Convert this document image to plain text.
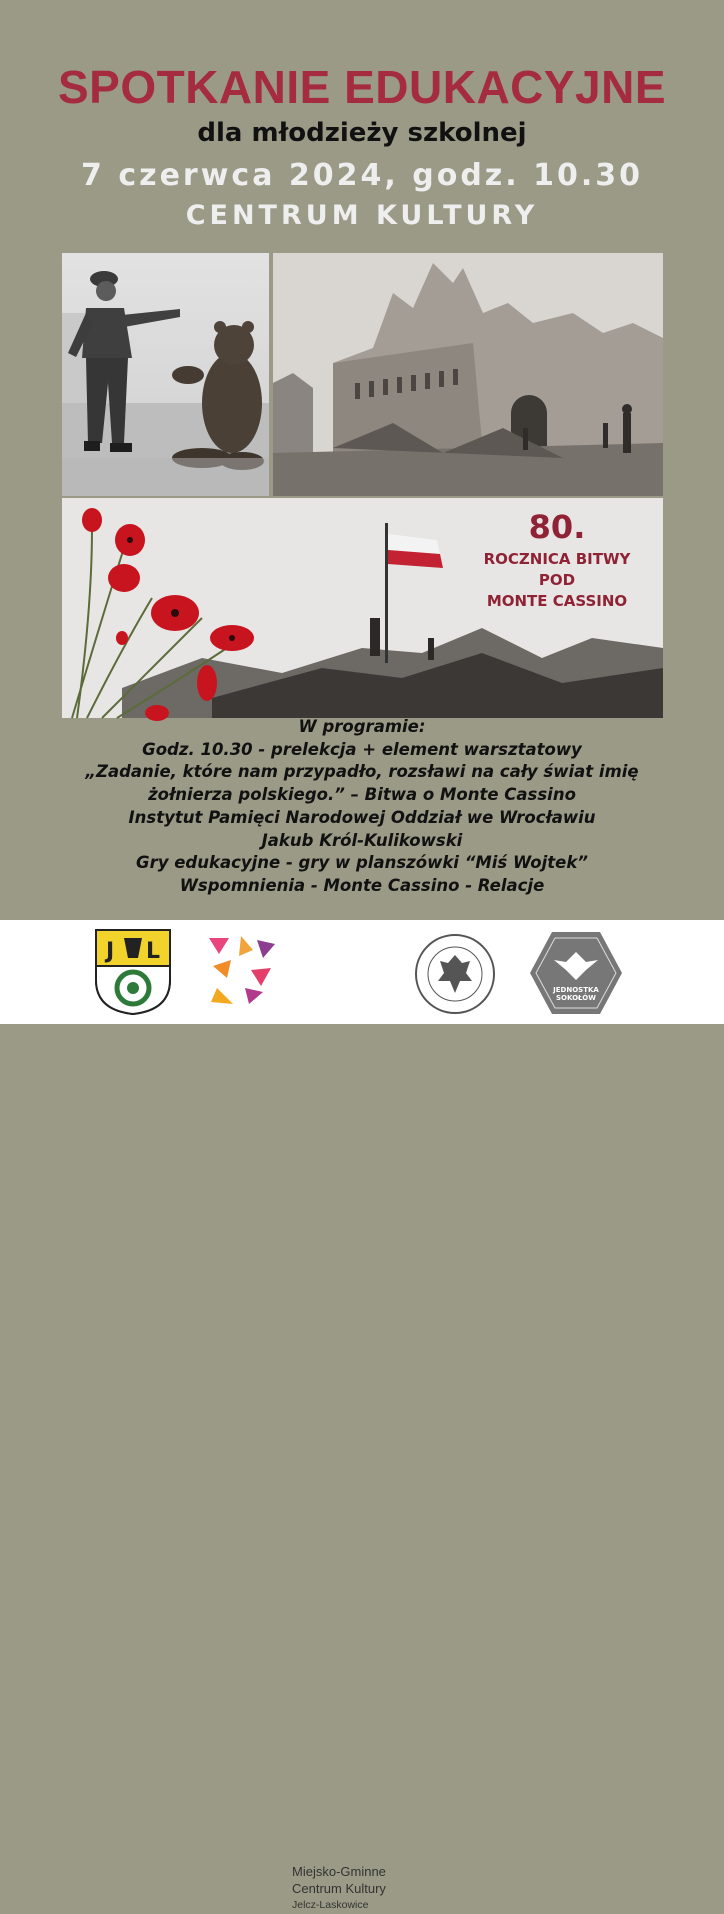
SPOTKANIE EDUKACYJNE
dla młodzieży szkolnej
7 czerwca 2024, godz. 10.30
CENTRUM KULTURY
80.
ROCZNICA BITWY
POD
MONTE CASSINO
W programie:
Godz. 10.30 - prelekcja + element warsztatowy
„Zadanie, które nam przypadło, rozsławi na cały świat imię
żołnierza polskiego.” – Bitwa o Monte Cassino
Instytut Pamięci Narodowej Oddział we Wrocławiu
Jakub Król-Kulikowski
Gry edukacyjne - gry w planszówki “Miś Wojtek”
Wspomnienia - Monte Cassino - Relacje
J L
Miejsko-Gminne
Centrum Kultury
Jelcz-Laskowice
JEDNOSTKA
SOKOŁÓW
